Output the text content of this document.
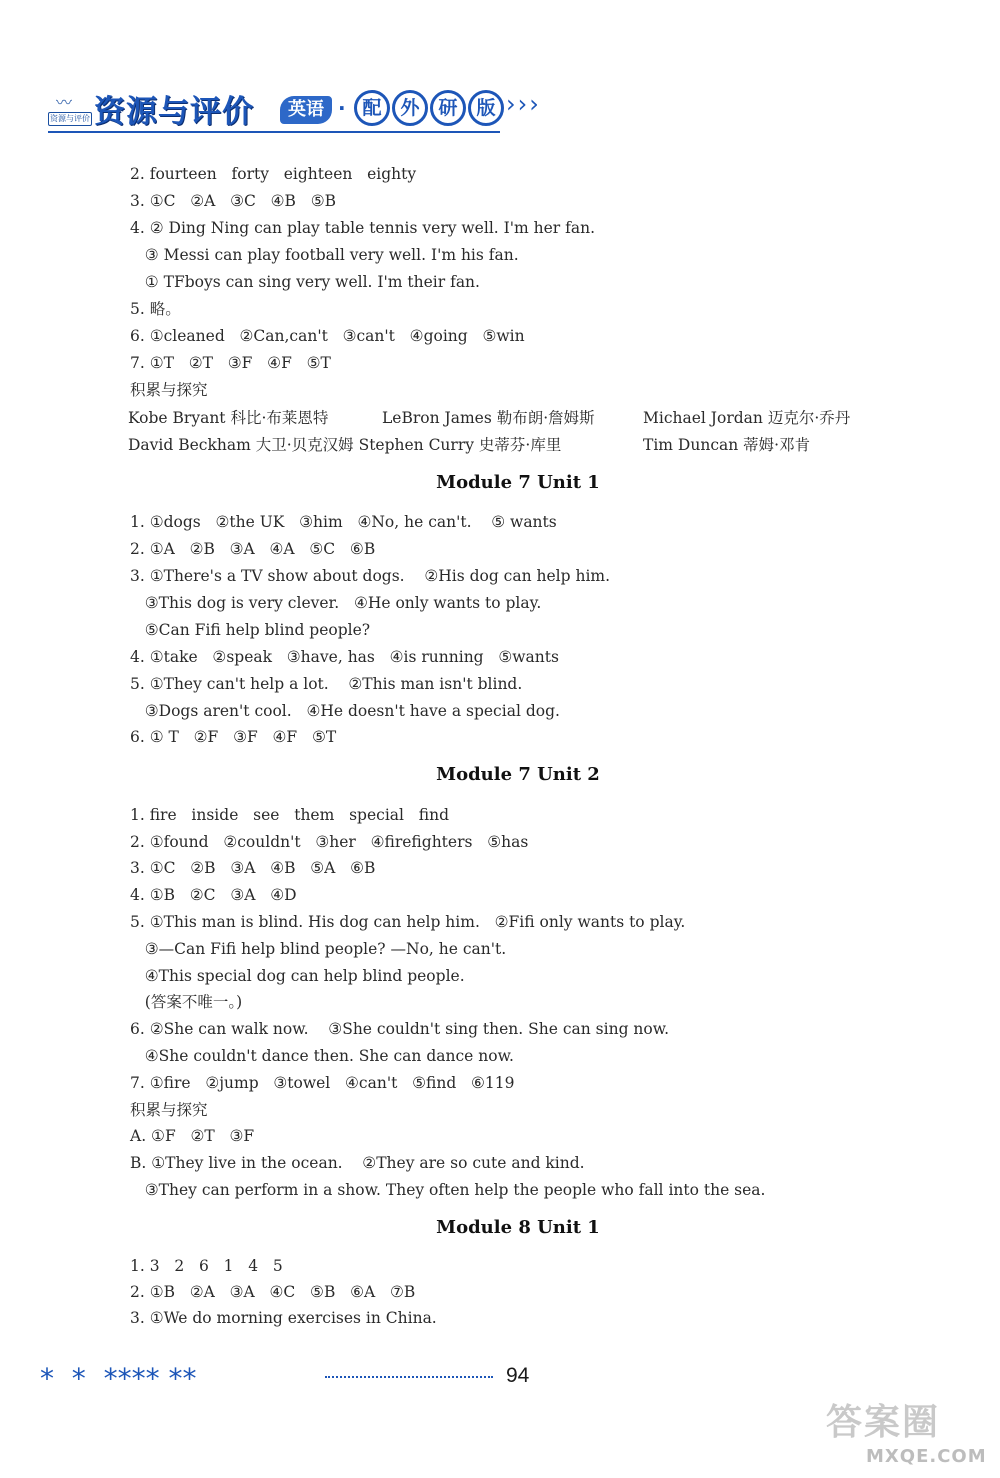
〰
资源与评价 资源与评价	英语 · 配 外 研 版 ›››
2. fourteen   forty   eighteen   eighty
3. ①C   ②A   ③C   ④B   ⑤B
4. ② Ding Ning can play table tennis very well. I'm her fan.
③ Messi can play football very well. I'm his fan.
① TFboys can sing very well. I'm their fan.
5. 略。
6. ①cleaned   ②Can,can't   ③can't   ④going   ⑤win
7. ①T   ②T   ③F   ④F   ⑤T
积累与探究
Kobe Bryant 科比·布莱恩特	LeBron James 勒布朗·詹姆斯	Michael Jordan 迈克尔·乔丹
David Beckham 大卫·贝克汉姆 Stephen Curry 史蒂芬·库里	Tim Duncan 蒂姆·邓肯
Module 7 Unit 1
1. ①dogs   ②the UK   ③him   ④No, he can't.    ⑤ wants
2. ①A   ②B   ③A   ④A   ⑤C   ⑥B
3. ①There's a TV show about dogs.    ②His dog can help him.
③This dog is very clever.   ④He only wants to play.
⑤Can Fifi help blind people?
4. ①take   ②speak   ③have, has   ④is running   ⑤wants
5. ①They can't help a lot.    ②This man isn't blind.
③Dogs aren't cool.   ④He doesn't have a special dog.
6. ① T   ②F   ③F   ④F   ⑤T
Module 7 Unit 2
1. fire   inside   see   them   special   find
2. ①found   ②couldn't   ③her   ④firefighters   ⑤has
3. ①C   ②B   ③A   ④B   ⑤A   ⑥B
4. ①B   ②C   ③A   ④D
5. ①This man is blind. His dog can help him.   ②Fifi only wants to play.
③—Can Fifi help blind people? —No, he can't.
④This special dog can help blind people.
(答案不唯一。)
6. ②She can walk now.    ③She couldn't sing then. She can sing now.
④She couldn't dance then. She can dance now.
7. ①fire   ②jump   ③towel   ④can't   ⑤find   ⑥119
积累与探究
A. ①F   ②T   ③F
B. ①They live in the ocean.    ②They are so cute and kind.
③They can perform in a show. They often help the people who fall into the sea.
Module 8 Unit 1
1. 3   2   6   1   4   5
2. ①B   ②A   ③A   ④C   ⑤B   ⑥A   ⑦B
3. ①We do morning exercises in China.
*  *  **** **	94
答案圈
MXQE.COM
